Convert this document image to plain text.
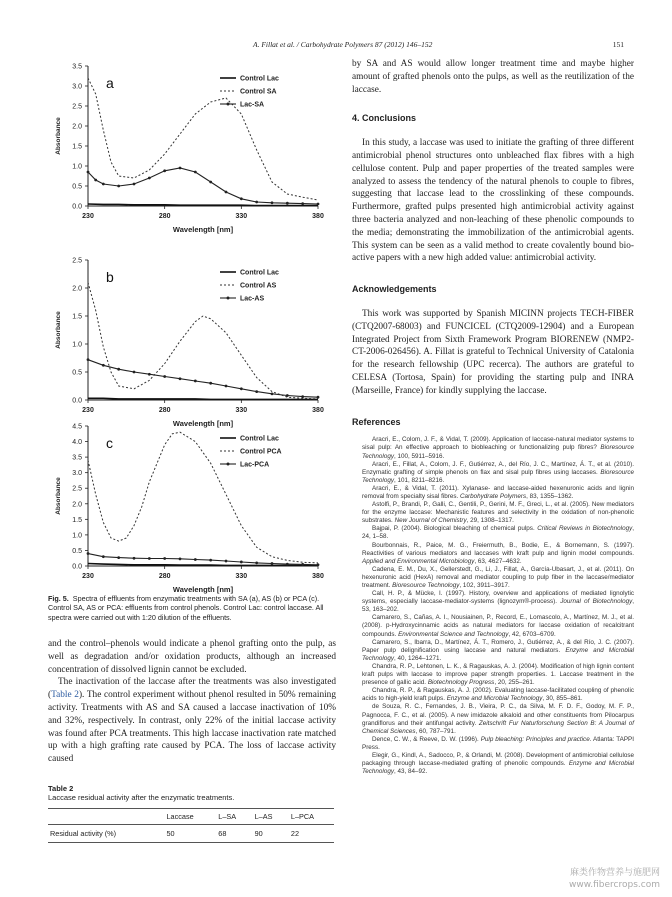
A. Fillat et al. / Carbohydrate Polymers 87 (2012) 146–152	151
0.0
0.5
1.0
1.5
2.0
2.5
3.0
3.5
230	280	330	380
Wavelength [nm]
Absorbance
a	Control Lac
Control SA
Lac-SA
0.0
0.5
1.0
1.5
2.0
2.5
230	280	330	380
Wavelength [nm]
Absorbance
b	Control Lac
Control AS
Lac-AS
0.0
0.5
1.0
1.5
2.0
2.5
3.0
3.5
4.0
4.5
230	280	330	380
Wavelength [nm]
Absorbance
c	Control Lac
Control PCA
Lac-PCA
Fig. 5. Spectra of effluents from enzymatic treatments with SA (a), AS (b) or PCA (c). Control SA, AS or PCA: effluents from control phenols. Control Lac: control laccase. All spectra were carried out with 1:20 dilution of the effluents.

and the control–phenols would indicate a phenol grafting onto the pulp, as well as degradation and/or oxidation products, although an increased concentration of dissolved lignin cannot be excluded.

The inactivation of the laccase after the treatments was also investigated (Table 2). The control experiment without phenol resulted in 50% remaining activity. Treatments with AS and SA caused a laccase inactivation of 10% and 32%, respectively. In contrast, only 22% of the initial laccase activity was found after PCA treatments. This high laccase inactivation rate matched up with a high grafting rate caused by PCA. The loss of laccase activity caused

Table 2
Laccase residual activity after the enzymatic treatments.
	Laccase	L–SA	L–AS	L–PCA
Residual activity (%)	50	68	90	22

by SA and AS would allow longer treatment time and maybe higher amount of grafted phenols onto the pulps, as well as the reutilization of the laccase.

4. Conclusions

In this study, a laccase was used to initiate the grafting of three different antimicrobial phenol structures onto unbleached flax fibres with a high cellulose content. Pulp and paper properties of the treated samples were analyzed to assess the tendency of the natural phenols to couple to fibres, suggesting that laccase lead to the crosslinking of these compounds. Furthermore, grafted pulps presented high antimicrobial activity against three bacteria analyzed and non-leaching of these phenolic compounds to the media; demonstrating the immobilization of the antimicrobial agents. This system can be seen as a valid method to create covalently bound bio-active papers with a new high added value: antimicrobial activity.

Acknowledgements

This work was supported by Spanish MICINN projects TECH-FIBER (CTQ2007-68003) and FUNCICEL (CTQ2009-12904) and a European Integrated Project from Sixth Framework Program BIORENEW (NMP2-CT-2006-026456). A. Fillat is grateful to Technical University of Catalonia for the research fellowship (UPC recerca). The authors are grateful to CELESA (Tortosa, Spain) for providing the starting pulp and INRA (Marseille, France) for kindly supplying the laccase.

References

Aracri, E., Colom, J. F., & Vidal, T. (2009). Application of laccase-natural mediator systems to sisal pulp: An effective approach to biobleaching or functionalizing pulp fibres? Bioresource Technology, 100, 5911–5916.

Aracri, E., Fillat, A., Colom, J. F., Gutiérrez, A., del Río, J. C., Martínez, Á. T., et al. (2010). Enzymatic grafting of simple phenols on flax and sisal pulp fibres using laccases. Bioresource Technology, 101, 8211–8216.

Aracri, E., & Vidal, T. (2011). Xylanase- and laccase-aided hexenuronic acids and lignin removal from specialty sisal fibres. Carbohydrate Polymers, 83, 1355–1362.

Astolfi, P., Brandi, P., Galli, C., Gentili, P., Gerini, M. F., Greci, L., et al. (2005). New mediators for the enzyme laccase: Mechanistic features and selectivity in the oxidation of non-phenolic substrates. New Journal of Chemistry, 29, 1308–1317.

Bajpai, P. (2004). Biological bleaching of chemical pulps. Critical Reviews in Biotechnology, 24, 1–58.

Bourbonnais, R., Paice, M. G., Freiermuth, B., Bodie, E., & Bornemann, S. (1997). Reactivities of various mediators and laccases with kraft pulp and lignin model compounds. Applied and Environmental Microbiology, 63, 4627–4632.

Cadena, E. M., Du, X., Gellerstedt, G., Li, J., Fillat, A., García-Ubasart, J., et al. (2011). On hexenuronic acid (HexA) removal and mediator coupling to pulp fiber in the laccase/mediator treatment. Bioresource Technology, 102, 3911–3917.

Call, H. P., & Mücke, I. (1997). History, overview and applications of mediated lignolytic systems, especially laccase-mediator-systems (lignozym®-process). Journal of Biotechnology, 53, 163–202.

Camarero, S., Cañas, A. I., Nousiainen, P., Record, E., Lomascolo, A., Martínez, M. J., et al. (2008). p-Hydroxycinnamic acids as natural mediators for laccase oxidation of recalcitrant compounds. Environmental Science and Technology, 42, 6703–6709.

Camarero, S., Ibarra, D., Martínez, Á. T., Romero, J., Gutiérrez, A., & del Río, J. C. (2007). Paper pulp delignification using laccase and natural mediators. Enzyme and Microbial Technology, 40, 1264–1271.

Chandra, R. P., Lehtonen, L. K., & Ragauskas, A. J. (2004). Modification of high lignin content kraft pulps with laccase to improve paper strength properties. 1. Laccase treatment in the presence of gallic acid. Biotechnology Progress, 20, 255–261.

Chandra, R. P., & Ragauskas, A. J. (2002). Evaluating laccase-facilitated coupling of phenolic acids to high-yield kraft pulps. Enzyme and Microbial Technology, 30, 855–861.

de Souza, R. C., Fernandes, J. B., Vieira, P. C., da Silva, M. F. D. F., Godoy, M. F. P., Pagnocca, F. C., et al. (2005). A new imidazole alkaloid and other constituents from Pilocarpus grandiflorus and their antifungal activity. Zeitschrift Fur Naturforschung Section B: A Journal of Chemical Sciences, 60, 787–791.

Dence, C. W., & Reeve, D. W. (1996). Pulp bleaching: Principles and practice. Atlanta: TAPPI Press.

Elegir, G., Kindl, A., Sadocco, P., & Orlandi, M. (2008). Development of antimicrobial cellulose packaging through laccase-mediated grafting of phenolic compounds. Enzyme and Microbial Technology, 43, 84–92.

麻类作物营养与施肥网
www.fibercrops.com
